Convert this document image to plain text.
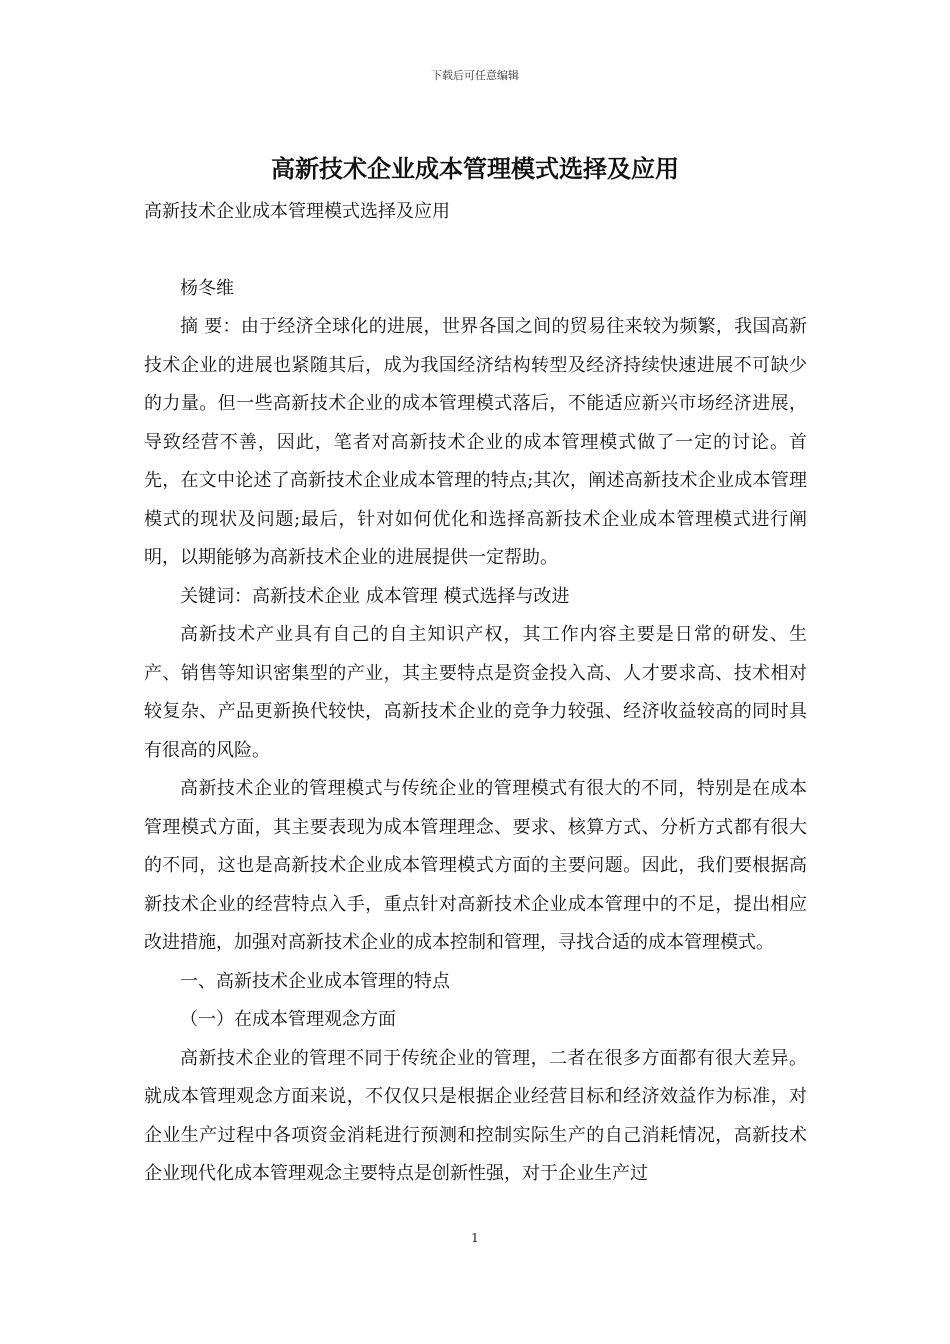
下载后可任意编辑
高新技术企业成本管理模式选择及应用

高新技术企业成本管理模式选择及应用

杨冬维

摘 要：由于经济全球化的进展，世界各国之间的贸易往来较为频繁，我国高新技术企业的进展也紧随其后，成为我国经济结构转型及经济持续快速进展不可缺少的力量。但一些高新技术企业的成本管理模式落后，不能适应新兴市场经济进展，导致经营不善，因此，笔者对高新技术企业的成本管理模式做了一定的讨论。首先，在文中论述了高新技术企业成本管理的特点;其次，阐述高新技术企业成本管理模式的现状及问题;最后，针对如何优化和选择高新技术企业成本管理模式进行阐明，以期能够为高新技术企业的进展提供一定帮助。

关键词：高新技术企业 成本管理 模式选择与改进

高新技术产业具有自己的自主知识产权，其工作内容主要是日常的研发、生产、销售等知识密集型的产业，其主要特点是资金投入高、人才要求高、技术相对较复杂、产品更新换代较快，高新技术企业的竞争力较强、经济收益较高的同时具有很高的风险。

高新技术企业的管理模式与传统企业的管理模式有很大的不同，特别是在成本管理模式方面，其主要表现为成本管理理念、要求、核算方式、分析方式都有很大的不同，这也是高新技术企业成本管理模式方面的主要问题。因此，我们要根据高新技术企业的经营特点入手，重点针对高新技术企业成本管理中的不足，提出相应改进措施，加强对高新技术企业的成本控制和管理，寻找合适的成本管理模式。

一、高新技术企业成本管理的特点

（一）在成本管理观念方面

高新技术企业的管理不同于传统企业的管理，二者在很多方面都有很大差异。就成本管理观念方面来说，不仅仅只是根据企业经营目标和经济效益作为标准，对企业生产过程中各项资金消耗进行预测和控制实际生产的自己消耗情况，高新技术企业现代化成本管理观念主要特点是创新性强，对于企业生产过

1
